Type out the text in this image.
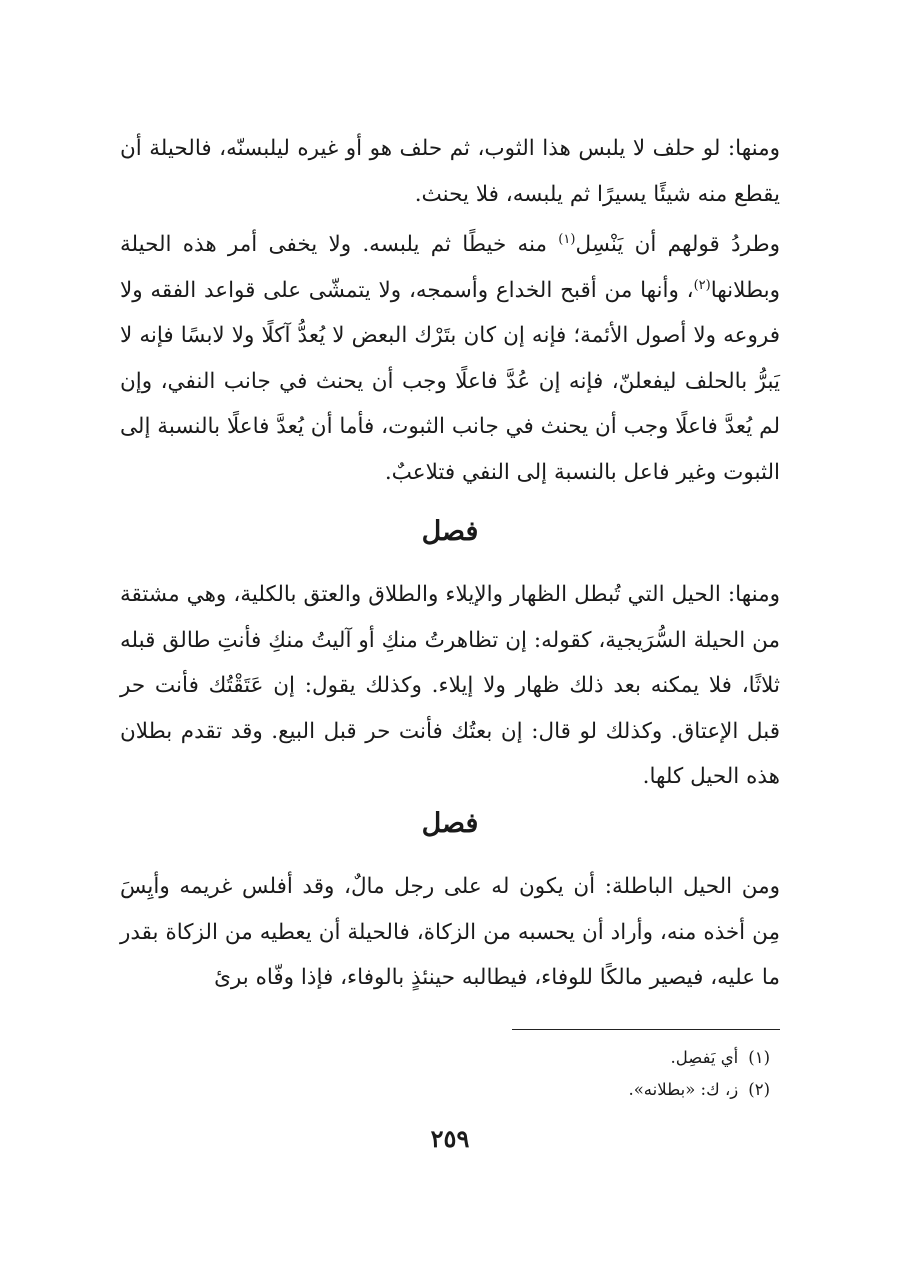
ومنها: لو حلف لا يلبس هذا الثوب، ثم حلف هو أو غيره ليلبسنّه، فالحيلة أن يقطع منه شيئًا يسيرًا ثم يلبسه، فلا يحنث.

وطردُ قولهم أن يَنْسِل$^{(١)}$ منه خيطًا ثم يلبسه. ولا يخفى أمر هذه الحيلة وبطلانها$^{(٢)}$، وأنها من أقبح الخداع وأسمجه، ولا يتمشّى على قواعد الفقه ولا فروعه ولا أصول الأئمة؛ فإنه إن كان بتَرْك البعض لا يُعدُّ آكلًا ولا لابسًا فإنه لا يَبرُّ بالحلف ليفعلنّ، فإنه إن عُدَّ فاعلًا وجب أن يحنث في جانب النفي، وإن لم يُعدَّ فاعلًا وجب أن يحنث في جانب الثبوت، فأما أن يُعدَّ فاعلًا بالنسبة إلى الثبوت وغير فاعل بالنسبة إلى النفي فتلاعبٌ.

فصل

ومنها: الحيل التي تُبطل الظهار والإيلاء والطلاق والعتق بالكلية، وهي مشتقة من الحيلة السُّرَيجية، كقوله: إن تظاهرتُ منكِ أو آليتُ منكِ فأنتِ طالق قبله ثلاثًا، فلا يمكنه بعد ذلك ظهار ولا إيلاء. وكذلك يقول: إن عَتَقْتُك فأنت حر قبل الإعتاق. وكذلك لو قال: إن بعتُك فأنت حر قبل البيع. وقد تقدم بطلان هذه الحيل كلها.

فصل

ومن الحيل الباطلة: أن يكون له على رجل مالٌ، وقد أفلس غريمه وأيِسَ مِن أخذه منه، وأراد أن يحسبه من الزكاة، فالحيلة أن يعطيه من الزكاة بقدر ما عليه، فيصير مالكًا للوفاء، فيطالبه حينئذٍ بالوفاء، فإذا وفّاه برئ

(١)أي يَفصِل.

(٢)ز، ك: «بطلانه».

٢٥٩
